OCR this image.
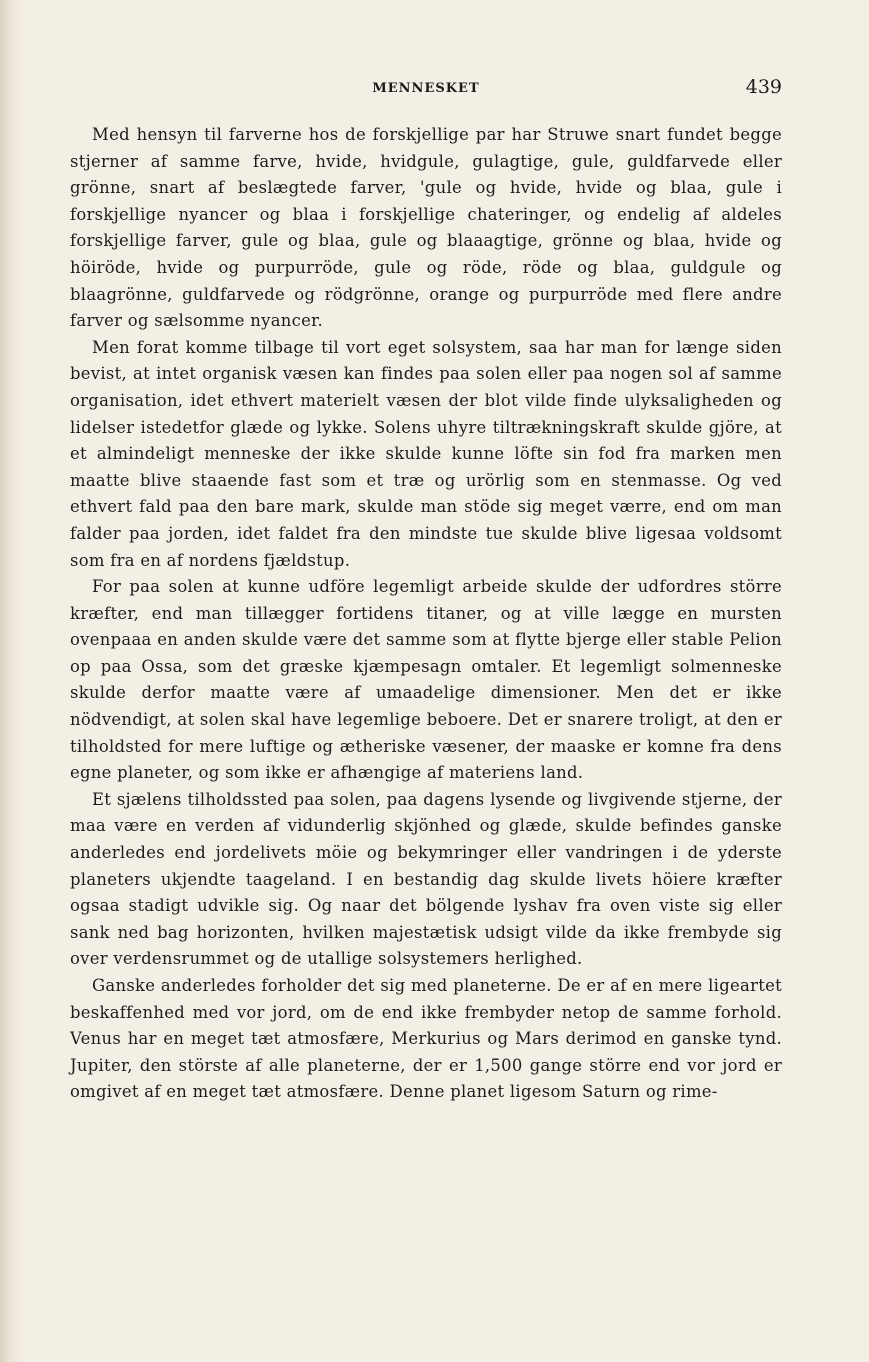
MENNESKET	439

Med hensyn til farverne hos de forskjellige par har Struwe snart fundet begge stjerner af samme farve, hvide, hvidgule, gulagtige, gule, guldfarvede eller grönne, snart af beslægtede farver, 'gule og hvide, hvide og blaa, gule i forskjellige nyancer og blaa i forskjellige chateringer, og endelig af aldeles forskjellige farver, gule og blaa, gule og blaaagtige, grönne og blaa, hvide og höiröde, hvide og purpurröde, gule og röde, röde og blaa, guldgule og blaagrönne, guldfarvede og rödgrönne, orange og purpurröde med flere andre farver og sælsomme nyancer.

Men forat komme tilbage til vort eget solsystem, saa har man for længe siden bevist, at intet organisk væsen kan findes paa solen eller paa nogen sol af samme organisation, idet ethvert materielt væsen der blot vilde finde ulyksaligheden og lidelser istedetfor glæde og lykke. Solens uhyre tiltrækningskraft skulde gjöre, at et almindeligt menneske der ikke skulde kunne löfte sin fod fra marken men maatte blive staaende fast som et træ og urörlig som en stenmasse. Og ved ethvert fald paa den bare mark, skulde man stöde sig meget værre, end om man falder paa jorden, idet faldet fra den mindste tue skulde blive ligesaa voldsomt som fra en af nordens fjældstup.

For paa solen at kunne udföre legemligt arbeide skulde der udfordres större kræfter, end man tillægger fortidens titaner, og at ville lægge en mursten ovenpaaa en anden skulde være det samme som at flytte bjerge eller stable Pelion op paa Ossa, som det græske kjæmpesagn omtaler. Et legemligt solmenneske skulde derfor maatte være af umaadelige dimensioner. Men det er ikke nödvendigt, at solen skal have legemlige beboere. Det er snarere troligt, at den er tilholdsted for mere luftige og ætheriske væsener, der maaske er komne fra dens egne planeter, og som ikke er afhængige af materiens land.

Et sjælens tilholdssted paa solen, paa dagens lysende og livgivende stjerne, der maa være en verden af vidunderlig skjönhed og glæde, skulde befindes ganske anderledes end jordelivets möie og bekymringer eller vandringen i de yderste planeters ukjendte taageland. I en bestandig dag skulde livets höiere kræfter ogsaa stadigt udvikle sig. Og naar det bölgende lyshav fra oven viste sig eller sank ned bag horizonten, hvilken majestætisk udsigt vilde da ikke frembyde sig over verdensrummet og de utallige solsystemers herlighed.

Ganske anderledes forholder det sig med planeterne. De er af en mere ligeartet beskaffenhed med vor jord, om de end ikke frembyder netop de samme forhold. Venus har en meget tæt atmosfære, Merkurius og Mars derimod en ganske tynd. Jupiter, den störste af alle planeterne, der er 1,500 gange större end vor jord er omgivet af en meget tæt atmosfære. Denne planet ligesom Saturn og rime-
